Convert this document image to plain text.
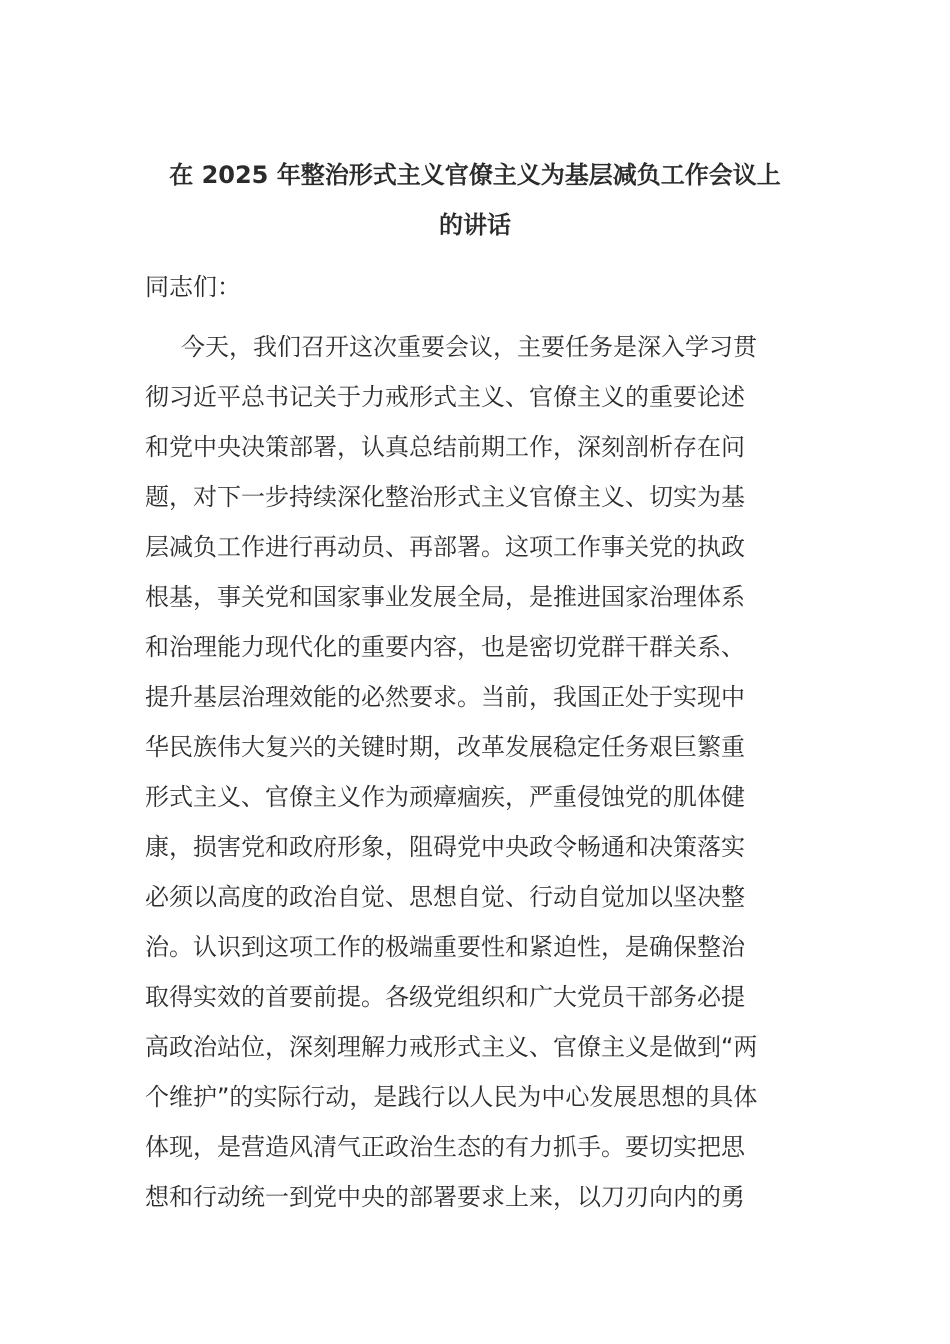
在 2025 年整治形式主义官僚主义为基层减负工作会议上
的讲话

同志们：

今天，我们召开这次重要会议，主要任务是深入学习贯
彻习近平总书记关于力戒形式主义、官僚主义的重要论述
和党中央决策部署，认真总结前期工作，深刻剖析存在问
题，对下一步持续深化整治形式主义官僚主义、切实为基
层减负工作进行再动员、再部署。这项工作事关党的执政
根基，事关党和国家事业发展全局，是推进国家治理体系
和治理能力现代化的重要内容，也是密切党群干群关系、
提升基层治理效能的必然要求。当前，我国正处于实现中
华民族伟大复兴的关键时期，改革发展稳定任务艰巨繁重
形式主义、官僚主义作为顽瘴痼疾，严重侵蚀党的肌体健
康，损害党和政府形象，阻碍党中央政令畅通和决策落实
必须以高度的政治自觉、思想自觉、行动自觉加以坚决整
治。认识到这项工作的极端重要性和紧迫性，是确保整治
取得实效的首要前提。各级党组织和广大党员干部务必提
高政治站位，深刻理解力戒形式主义、官僚主义是做到“两
个维护”的实际行动，是践行以人民为中心发展思想的具体
体现，是营造风清气正政治生态的有力抓手。要切实把思
想和行动统一到党中央的部署要求上来，以刀刃向内的勇
